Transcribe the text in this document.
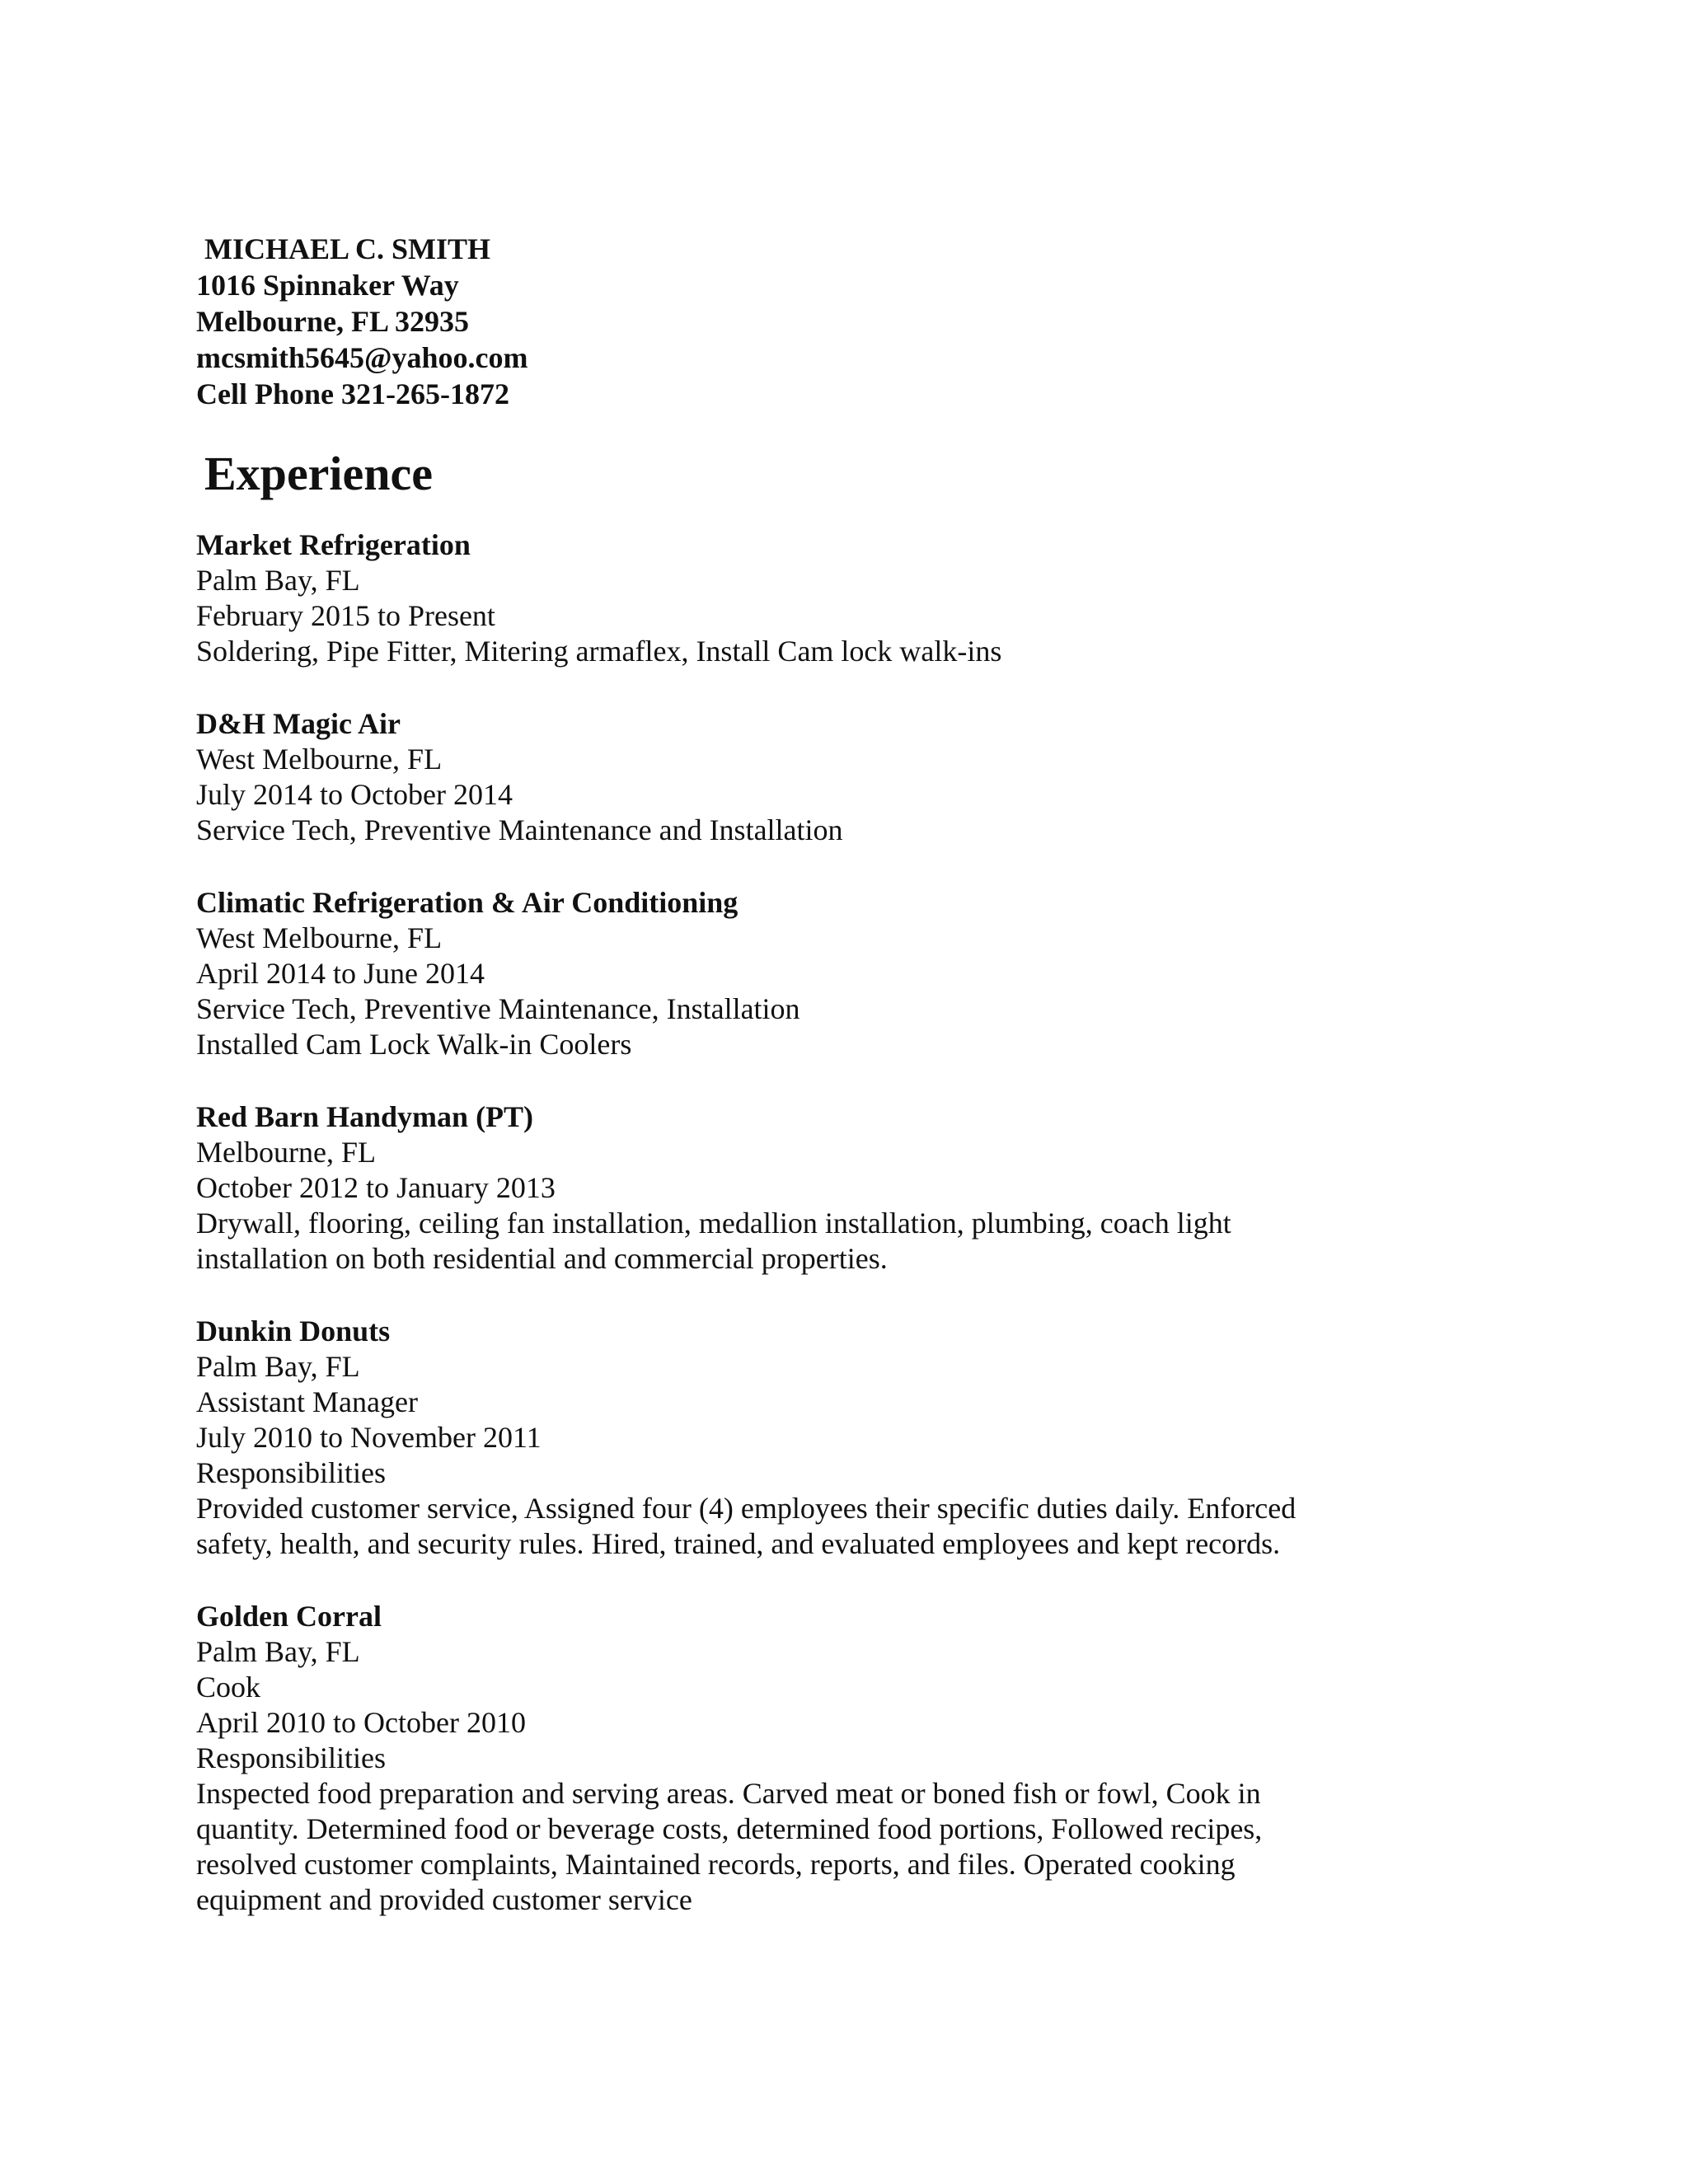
MICHAEL C. SMITH
1016 Spinnaker Way
Melbourne, FL 32935
mcsmith5645@yahoo.com
Cell Phone 321-265-1872
Experience
Market Refrigeration
Palm Bay, FL
February 2015 to Present
Soldering, Pipe Fitter, Mitering armaflex, Install Cam lock walk-ins
D&H Magic Air
West Melbourne, FL
July 2014 to October 2014
Service Tech, Preventive Maintenance and Installation
Climatic Refrigeration & Air Conditioning
West Melbourne, FL
April 2014 to June 2014
Service Tech, Preventive Maintenance, Installation
Installed Cam Lock Walk-in Coolers
Red Barn Handyman (PT)
Melbourne, FL
October 2012 to January 2013
Drywall, flooring, ceiling fan installation, medallion installation, plumbing, coach light
installation on both residential and commercial properties.
Dunkin Donuts
Palm Bay, FL
Assistant Manager
July 2010 to November 2011
Responsibilities
Provided customer service, Assigned four (4) employees their specific duties daily. Enforced
safety, health, and security rules. Hired, trained, and evaluated employees and kept records.
Golden Corral
Palm Bay, FL
Cook
April 2010 to October 2010
Responsibilities
Inspected food preparation and serving areas. Carved meat or boned fish or fowl, Cook in
quantity. Determined food or beverage costs, determined food portions, Followed recipes,
resolved customer complaints, Maintained records, reports, and files. Operated cooking
equipment and provided customer service
